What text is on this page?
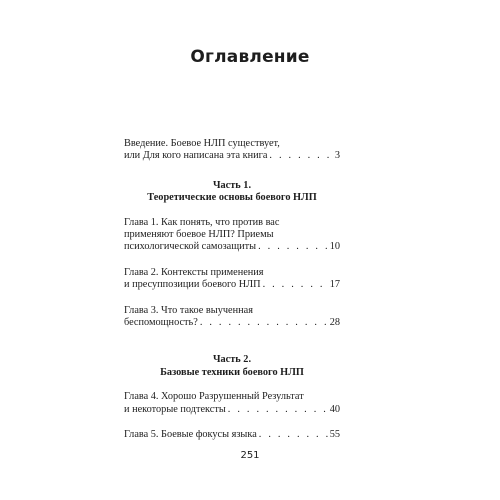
Оглавление
Введение. Боевое НЛП существует,
или Для кого написана эта книга . . .	3
Часть 1.
Теоретические основы боевого НЛП
Глава 1. Как понять, что против вас
применяют боевое НЛП? Приемы
психологической самозащиты . . .	10
Глава 2. Контексты применения
и пресуппозиции боевого НЛП . . .	17
Глава 3. Что такое выученная
беспомощность? . . .	28
Часть 2.
Базовые техники боевого НЛП
Глава 4. Хорошо Разрушенный Результат
и некоторые подтексты . . .	40
Глава 5. Боевые фокусы языка . . .	55
251
